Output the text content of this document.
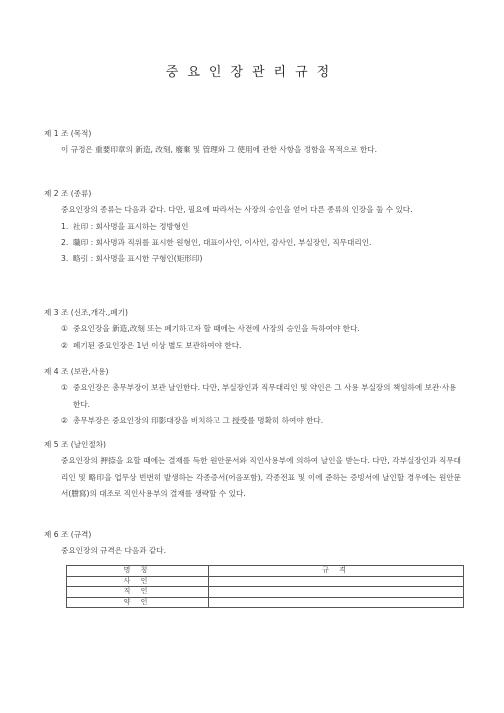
중요인장관리규정
제 1 조 (목적)

이 규정은 重要印章의 新造, 改刻, 廢棄 및 管理와 그 使用에 관한 사항을 정함을 목적으로 한다.

제 2 조 (종류)

중요인장의 종류는 다음과 같다. 다만, 필요에 따라서는 사장의 승인을 얻어 다른 종류의 인장을 둘 수 있다.

1. 社印 : 회사명을 표시하는 정방형인
2. 職印 : 회사명과 직위를 표시한 원형인, 대표이사인, 이사인, 감사인, 부실장인, 직무대리인.
3. 略引 : 회사명을 표시한 구형인(矩形印)
제 3 조 (신조,개각.,폐기)
① 중요인장을 新造,改刻 또는 폐기하고자 할 때에는 사전에 사장의 승인을 득하여야 한다.
② 폐기된 중요인장은 1년 이상 별도 보관하여야 한다.
제 4 조 (보관,사용)
① 중요인장은 총무부장이 보관 날인한다. 다만, 부실장인과 직무대리인 및 약인은 그 사용 부실장의 책임하에 보관·사용한다.
② 총무부장은 중요인장의 印影대장을 비치하고 그 授受를 명확히 하여야 한다.
제 5 조 (날인절차)

중요인장의 押捺을 요할 때에는 결재를 득한 원안문서와 직인사용부에 의하여 날인을 받는다. 다만, 각부실장인과 직무대리인 및 略印을 업무상 빈번히 발생하는 각종증서(어음포함), 각종전표 및 이에 준하는 증빙서에 날인할 경우에는 원안문서(謄寫)의 대조로 직인사용부의 결재를 생략할 수 있다.

제 6 조 (규격)

중요인장의 규격은 다음과 같다.

명 칭	규 격
사 인	
직 인	
약 인	
